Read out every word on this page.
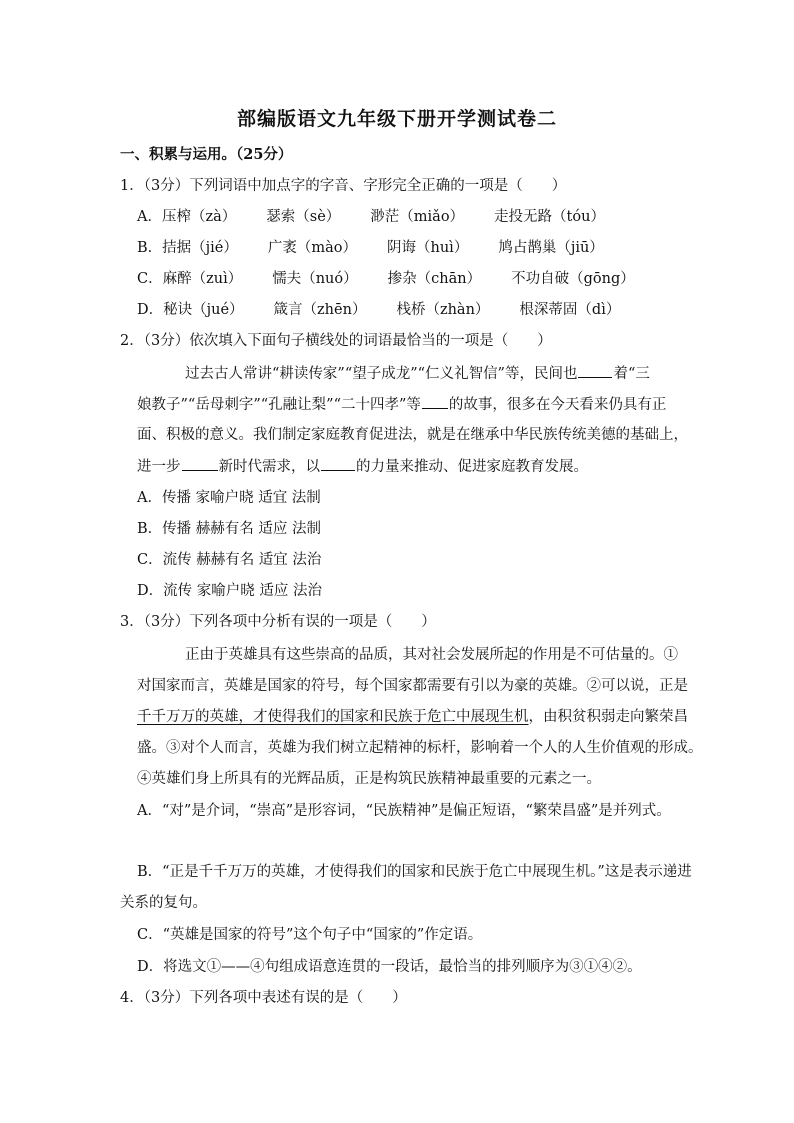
部编版语文九年级下册开学测试卷二
一、积累与运用。（25分）
1．（3分）下列词语中加点字的字音、字形完全正确的一项是（　　）
A．压榨（zà） 瑟索（sè） 渺茫（miǎo） 走投无路（tóu）
B．拮据（jié） 广袤（mào） 阴诲（huì） 鸠占鹊巢（jiū）
C．麻醉（zuì） 懦夫（nuó） 掺杂（chān） 不功自破（gōng）
D．秘诀（jué） 箴言（zhēn） 栈桥（zhàn） 根深蒂固（dì）
2．（3分）依次填入下面句子横线处的词语最恰当的一项是（　　）
过去古人常讲“耕读传家”“望子成龙”“仁义礼智信”等，民间也 着“三
娘教子”“岳母刺字”“孔融让梨”“二十四孝”等 的故事，很多在今天看来仍具有正
面、积极的意义。我们制定家庭教育促进法，就是在继承中华民族传统美德的基础上，
进一步	新时代需求，以 的力量来推动、促进家庭教育发展。
A．传播 家喻户晓 适宜 法制
B．传播 赫赫有名 适应 法制
C．流传 赫赫有名 适宜 法治
D．流传 家喻户晓 适应 法治
3．（3分）下列各项中分析有误的一项是（　　）
正由于英雄具有这些崇高的品质，其对社会发展所起的作用是不可估量的。①
对国家而言，英雄是国家的符号，每个国家都需要有引以为豪的英雄。②可以说，正是
千千万万的英雄，才使得我们的国家和民族于危亡中展现生机，由积贫积弱走向繁荣昌
盛。③对个人而言，英雄为我们树立起精神的标杆，影响着一个人的人生价值观的形成。
④英雄们身上所具有的光辉品质，正是构筑民族精神最重要的元素之一。
A．“对”是介词，“崇高”是形容词，“民族精神”是偏正短语，“繁荣昌盛”是并列式。
B．“正是千千万万的英雄，才使得我们的国家和民族于危亡中展现生机。”这是表示递进
关系的复句。
C．“英雄是国家的符号”这个句子中“国家的”作定语。
D．将选文①——④句组成语意连贯的一段话，最恰当的排列顺序为③①④②。
4．（3分）下列各项中表述有误的是（　　）
